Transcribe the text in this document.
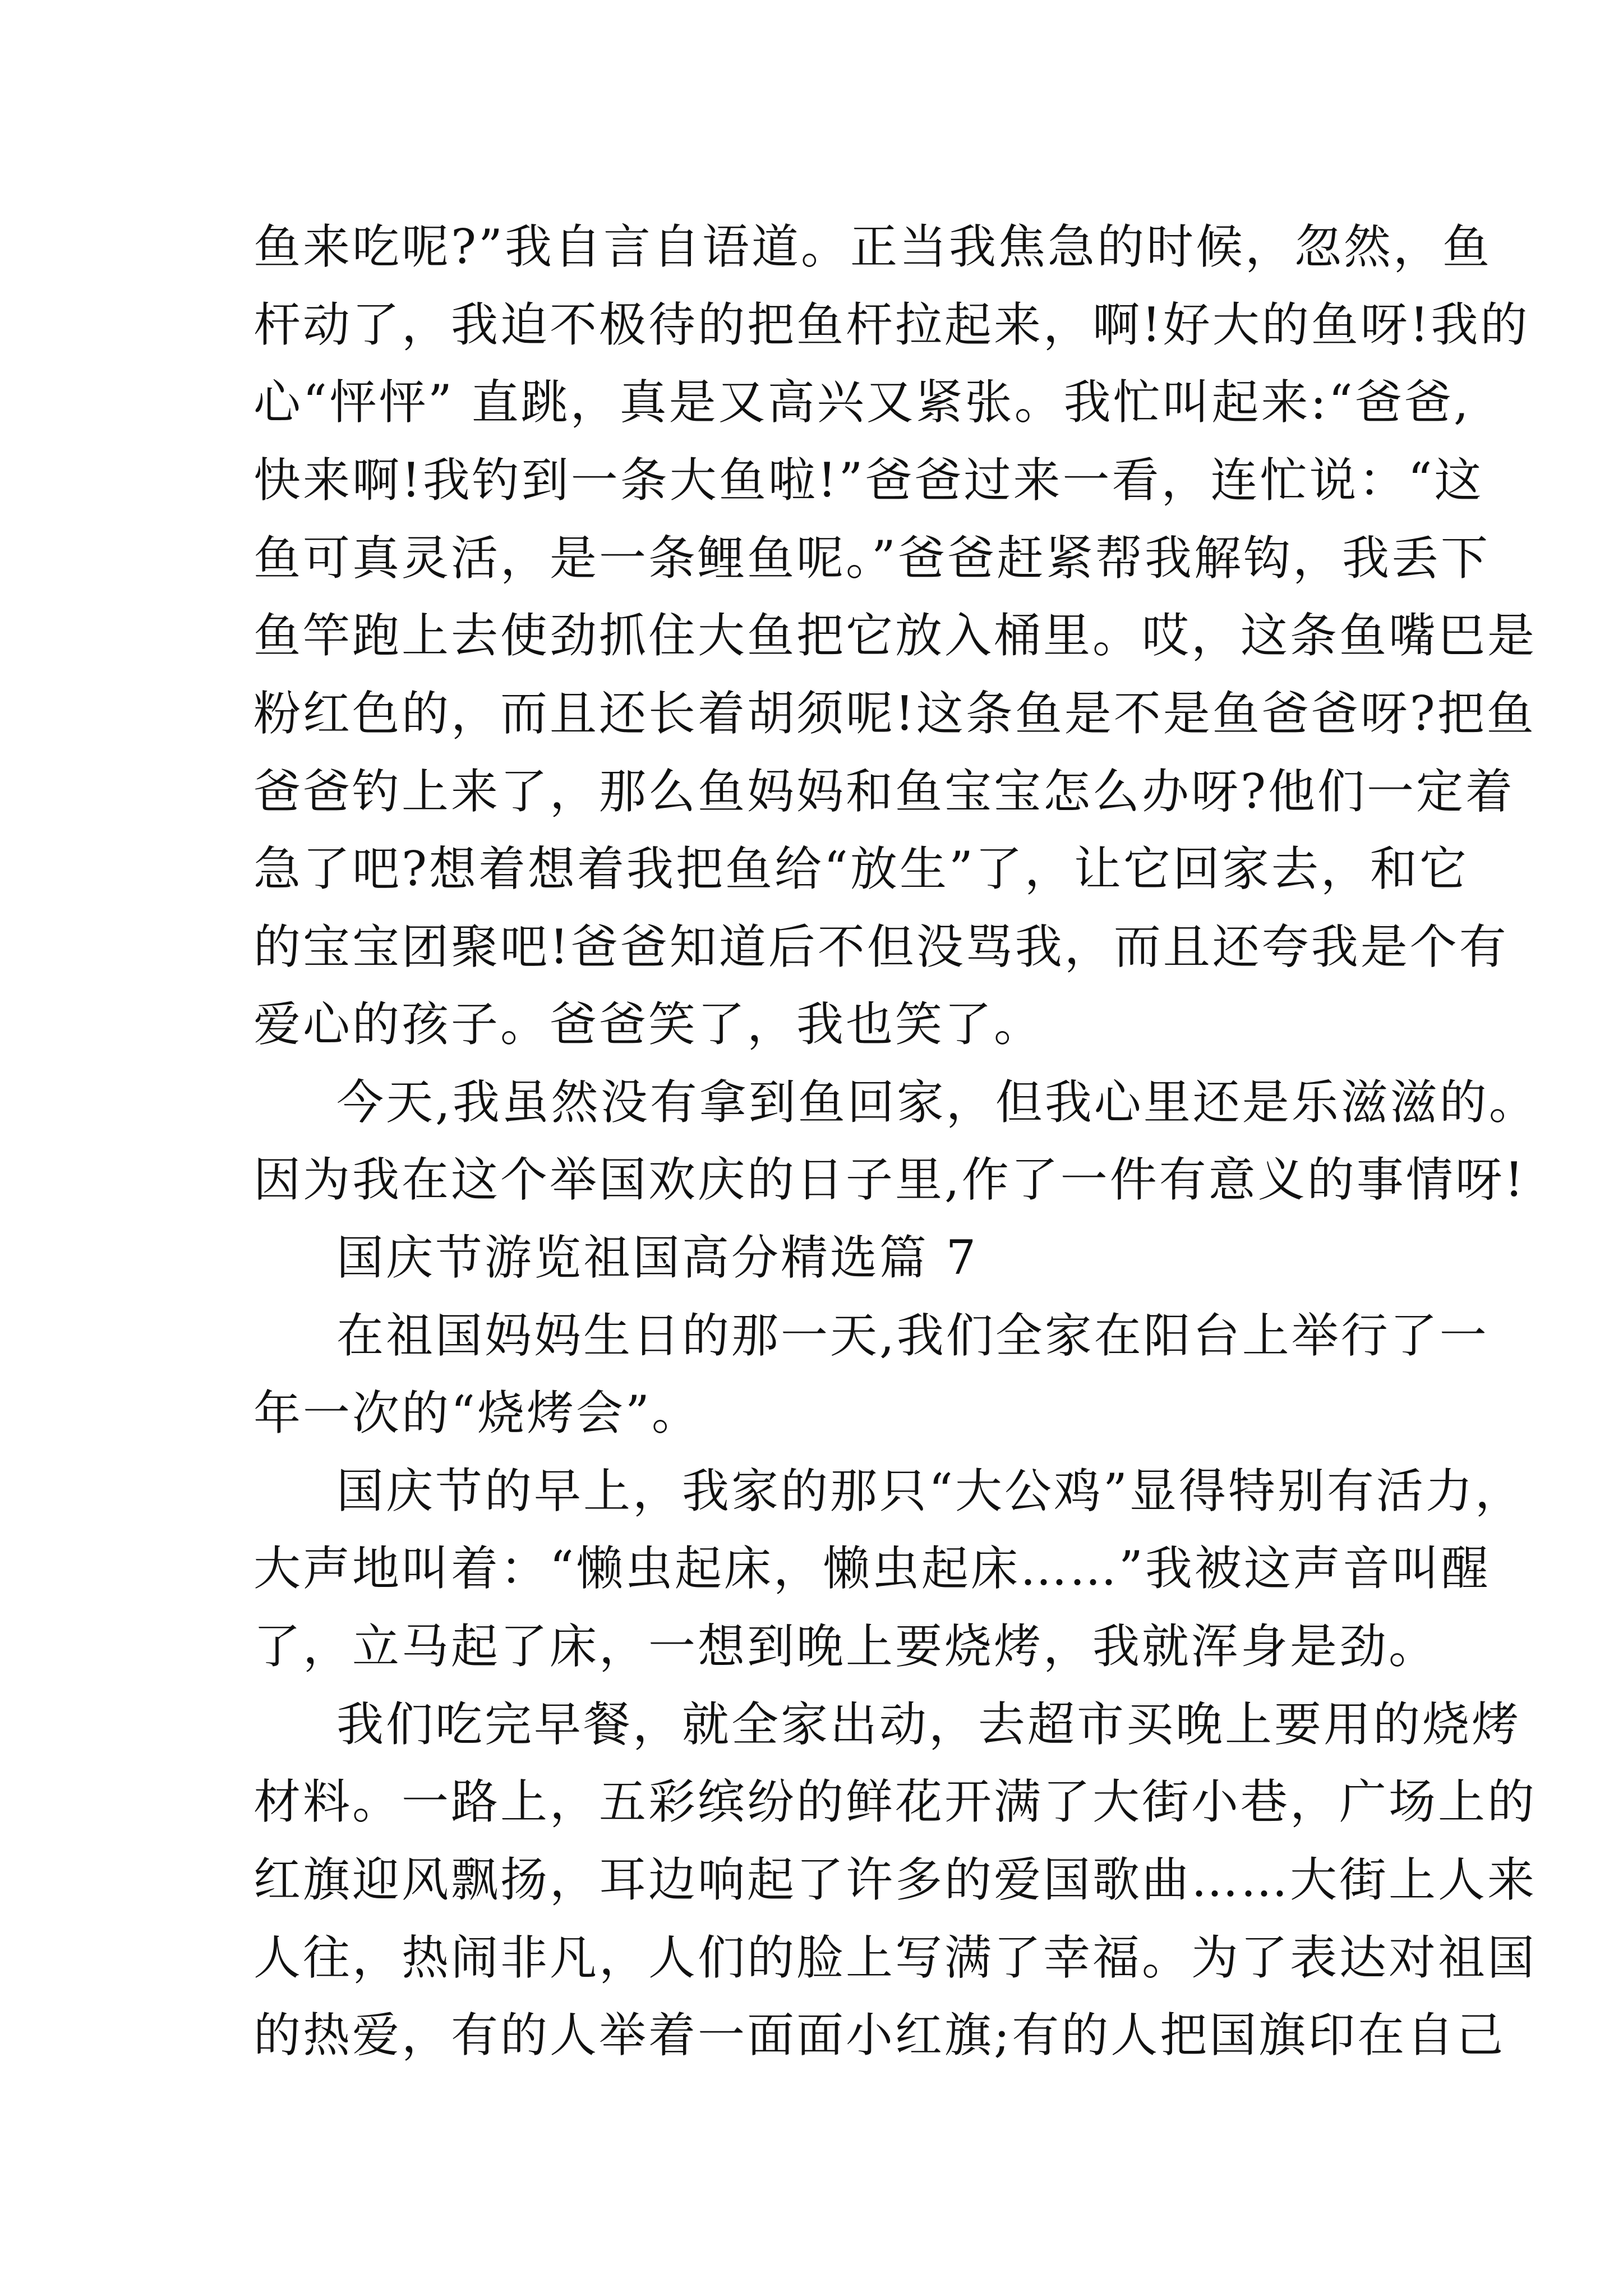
鱼来吃呢?”我自言自语道。正当我焦急的时候，忽然，鱼
杆动了，我迫不极待的把鱼杆拉起来，啊!好大的鱼呀!我的
心“怦怦” 直跳，真是又高兴又紧张。我忙叫起来:“爸爸,
快来啊!我钓到一条大鱼啦!”爸爸过来一看，连忙说：“这
鱼可真灵活，是一条鲤鱼呢。”爸爸赶紧帮我解钩，我丢下
鱼竿跑上去使劲抓住大鱼把它放入桶里。哎，这条鱼嘴巴是
粉红色的，而且还长着胡须呢!这条鱼是不是鱼爸爸呀?把鱼
爸爸钓上来了，那么鱼妈妈和鱼宝宝怎么办呀?他们一定着
急了吧?想着想着我把鱼给“放生”了，让它回家去，和它
的宝宝团聚吧!爸爸知道后不但没骂我，而且还夸我是个有
爱心的孩子。爸爸笑了，我也笑了。
今天,我虽然没有拿到鱼回家，但我心里还是乐滋滋的。
因为我在这个举国欢庆的日子里,作了一件有意义的事情呀!
国庆节游览祖国高分精选篇 7
在祖国妈妈生日的那一天,我们全家在阳台上举行了一
年一次的“烧烤会”。
国庆节的早上，我家的那只“大公鸡”显得特别有活力，
大声地叫着：“懒虫起床，懒虫起床……”我被这声音叫醒
了，立马起了床，一想到晚上要烧烤，我就浑身是劲。
我们吃完早餐，就全家出动，去超市买晚上要用的烧烤
材料。一路上，五彩缤纷的鲜花开满了大街小巷，广场上的
红旗迎风飘扬，耳边响起了许多的爱国歌曲……大街上人来
人往，热闹非凡，人们的脸上写满了幸福。为了表达对祖国
的热爱，有的人举着一面面小红旗;有的人把国旗印在自己
